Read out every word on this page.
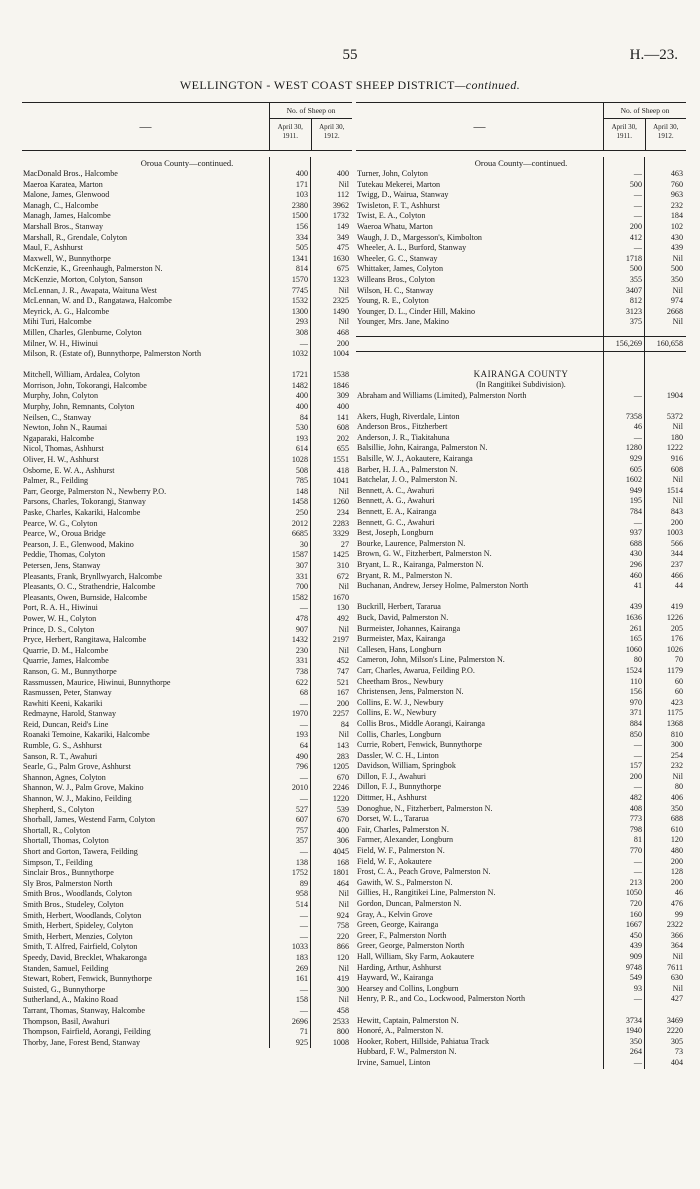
55	H.—23.
WELLINGTON - WEST COAST SHEEP DISTRICT—continued.
—
No. of Sheep on
April 30, 1911.
April 30, 1912.
Oroua County—continued.
MacDonald Bros., Halcombe	400	400
Maeroa Karatea, Marton	171	Nil
Malone, James, Glenwood	103	112
Managh, C., Halcombe	2380	3962
Managh, James, Halcombe	1500	1732
Marshall Bros., Stanway	156	149
Marshall, R., Grendale, Colyton	334	349
Maul, F., Ashhurst	505	475
Maxwell, W., Bunnythorpe	1341	1630
McKenzie, K., Greenhaugh, Palmerston N.	814	675
McKenzie, Morton, Colyton, Sanson	1570	1323
McLennan, J. R., Awapata, Waituna West	7745	Nil
McLennan, W. and D., Rangatawa, Halcombe	1532	2325
Meyrick, A. G., Halcombe	1300	1490
Mihi Turi, Halcombe	293	Nil
Millen, Charles, Glenburne, Colyton	308	468
Milner, W. H., Hiwinui	—	200
Milson, R. (Estate of), Bunnythorpe, Palmerston North	1032	1004
Mitchell, William, Ardalea, Colyton	1721	1538
Morrison, John, Tokorangi, Halcombe	1482	1846
Murphy, John, Colyton	400	309
Murphy, John, Remnants, Colyton	400	400
Neilsen, C., Stanway	84	141
Newton, John N., Raumai	530	608
Ngaparaki, Halcombe	193	202
Nicol, Thomas, Ashhurst	614	655
Oliver, H. W., Ashhurst	1028	1551
Osborne, E. W. A., Ashhurst	508	418
Palmer, R., Feilding	785	1041
Parr, George, Palmerston N., Newberry P.O.	148	Nil
Parsons, Charles, Tokorangi, Stanway	1458	1260
Paske, Charles, Kakariki, Halcombe	250	234
Pearce, W. G., Colyton	2012	2283
Pearce, W., Oroua Bridge	6685	3329
Pearson, J. E., Glenwood, Makino	30	27
Peddie, Thomas, Colyton	1587	1425
Petersen, Jens, Stanway	307	310
Pleasants, Frank, Brynllwyarch, Halcombe	331	672
Pleasants, O. C., Strathendrie, Halcombe	700	Nil
Pleasants, Owen, Burnside, Halcombe	1582	1670
Port, R. A. H., Hiwinui	—	130
Power, W. H., Colyton	478	492
Prince, D. S., Colyton	907	Nil
Pryce, Herbert, Rangitawa, Halcombe	1432	2197
Quarrie, D. M., Halcombe	230	Nil
Quarrie, James, Halcombe	331	452
Ranson, G. M., Bunnythorpe	738	747
Rassmussen, Maurice, Hiwinui, Bunnythorpe	622	521
Rasmussen, Peter, Stanway	68	167
Rawhiti Keeni, Kakariki	—	200
Redmayne, Harold, Stanway	1970	2257
Reid, Duncan, Reid's Line	—	84
Roanaki Temoine, Kakariki, Halcombe	193	Nil
Rumble, G. S., Ashhurst	64	143
Sanson, R. T., Awahuri	490	283
Searle, G., Palm Grove, Ashhurst	796	1205
Shannon, Agnes, Colyton	—	670
Shannon, W. J., Palm Grove, Makino	2010	2246
Shannon, W. J., Makino, Feilding	—	1220
Shepherd, S., Colyton	527	539
Shorball, James, Westend Farm, Colyton	607	670
Shortall, R., Colyton	757	400
Shortall, Thomas, Colyton	357	306
Short and Gorton, Tawera, Feilding	—	4045
Simpson, T., Feilding	138	168
Sinclair Bros., Bunnythorpe	1752	1801
Sly Bros, Palmerston North	89	464
Smith Bros., Woodlands, Colyton	958	Nil
Smith Bros., Studeley, Colyton	514	Nil
Smith, Herbert, Woodlands, Colyton	—	924
Smith, Herbert, Spideley, Colyton	—	758
Smith, Herbert, Menzies, Colyton	—	220
Smith, T. Alfred, Fairfield, Colyton	1033	866
Speedy, David, Brecklet, Whakaronga	183	120
Standen, Samuel, Feilding	269	Nil
Stewart, Robert, Fenwick, Bunnythorpe	161	419
Suisted, G., Bunnythorpe	—	300
Sutherland, A., Makino Road	158	Nil
Tarrant, Thomas, Stanway, Halcombe	—	458
Thompson, Basil, Awahuri	2696	2533
Thompson, Fairfield, Aorangi, Feilding	71	800
Thorby, Jane, Forest Bend, Stanway	925	1008
—
No. of Sheep on
April 30, 1911.
April 30, 1912.
Oroua County—continued.
Turner, John, Colyton	—	463
Tutekau Mekerei, Marton	500	760
Twigg, D., Wairua, Stanway	—	963
Twisleton, F. T., Ashhurst	—	232
Twist, E. A., Colyton	—	184
Waeroa Whatu, Marton	200	102
Waugh, J. D., Margesson's, Kimbolton	412	430
Wheeler, A. L., Burford, Stanway	—	439
Wheeler, G. C., Stanway	1718	Nil
Whittaker, James, Colyton	500	500
Willeans Bros., Colyton	355	350
Wilson, H. C., Stanway	3407	Nil
Young, R. E., Colyton	812	974
Younger, D. L., Cinder Hill, Makino	3123	2668
Younger, Mrs. Jane, Makino	375	Nil
156,269	160,658
KAIRANGA COUNTY
(In Rangitikei Subdivision).
Abraham and Williams (Limited), Palmerston North	—	1904
Akers, Hugh, Riverdale, Linton	7358	5372
Anderson Bros., Fitzherbert	46	Nil
Anderson, J. R., Tiakitahuna	—	180
Balsillie, John, Kairanga, Palmerston N.	1280	1222
Balsille, W. J., Aokautere, Kairanga	929	916
Barber, H. J. A., Palmerston N.	605	608
Batchelar, J. O., Palmerston N.	1602	Nil
Bennett, A. C., Awahuri	949	1514
Bennett, A. G., Awahuri	195	Nil
Bennett, E. A., Kairanga	784	843
Bennett, G. C., Awahuri	—	200
Best, Joseph, Longburn	937	1003
Bourke, Laurence, Palmerston N.	688	566
Brown, G. W., Fitzherbert, Palmerston N.	430	344
Bryant, L. R., Kairanga, Palmerston N.	296	237
Bryant, R. M., Palmerston N.	460	466
Buchanan, Andrew, Jersey Holme, Palmerston North	41	44
Buckrill, Herbert, Tararua	439	419
Buck, David, Palmerston N.	1636	1226
Burmeister, Johannes, Kairanga	261	205
Burmeister, Max, Kairanga	165	176
Callesen, Hans, Longburn	1060	1026
Cameron, John, Milson's Line, Palmerston N.	80	70
Carr, Charles, Awarua, Feilding P.O.	1524	1179
Cheetham Bros., Newbury	110	60
Christensen, Jens, Palmerston N.	156	60
Collins, E. W. J., Newbury	970	423
Collins, E. W., Newbury	371	1175
Collis Bros., Middle Aorangi, Kairanga	884	1368
Collis, Charles, Longburn	850	810
Currie, Robert, Fenwick, Bunnythorpe	—	300
Dassler, W. C. H., Linton	—	254
Davidson, William, Springbok	157	232
Dillon, F. J., Awahuri	200	Nil
Dillon, F. J., Bunnythorpe	—	80
Dittmer, H., Ashhurst	482	406
Donoghue, N., Fitzherbert, Palmerston N.	408	350
Dorset, W. L., Tararua	773	688
Fair, Charles, Palmerston N.	798	610
Farmer, Alexander, Longburn	81	120
Field, W. F., Palmerston N.	770	480
Field, W. F., Aokautere	—	200
Frost, C. A., Peach Grove, Palmerston N.	—	128
Gawith, W. S., Palmerston N.	213	200
Gillies, H., Rangitikei Line, Palmerston N.	1050	46
Gordon, Duncan, Palmerston N.	720	476
Gray, A., Kelvin Grove	160	99
Green, George, Kairanga	1667	2322
Greer, F., Palmerston North	450	366
Greer, George, Palmerston North	439	364
Hall, William, Sky Farm, Aokautere	909	Nil
Harding, Arthur, Ashhurst	9748	7611
Hayward, W., Kairanga	549	630
Hearsey and Collins, Longburn	93	Nil
Henry, P. R., and Co., Lockwood, Palmerston North	—	427
Hewitt, Captain, Palmerston N.	3734	3469
Honoré, A., Palmerston N.	1940	2220
Hooker, Robert, Hillside, Pahiatua Track	350	305
Hubbard, F. W., Palmerston N.	264	73
Irvine, Samuel, Linton	—	404
